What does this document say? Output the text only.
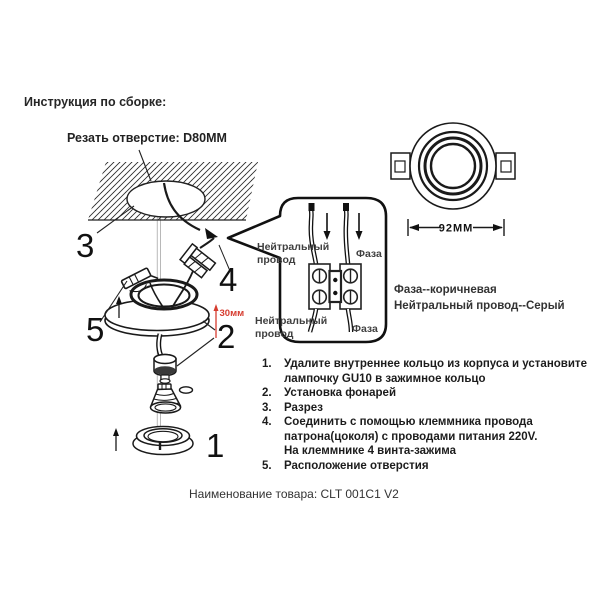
30мм
92MM
3
4
5	2
1
Инструкция по сборке:
Резать отверстие: D80MM
Нейтральный провод	Фаза
Нейтральный провод	Фаза
Фаза--коричневая
Нейтральный провод--Серый
1.	Удалите внутреннее кольцо из корпуса и установите
лампочку GU10 в зажимное кольцо
2.	Установка фонарей
3.	Разрез
4.	Соединить с помощью клеммника провода
патрона(цоколя) с проводами питания 220V.
На клеммнике 4 винта-зажима
5.	Расположение отверстия
Наименование товара: CLT 001C1 V2
